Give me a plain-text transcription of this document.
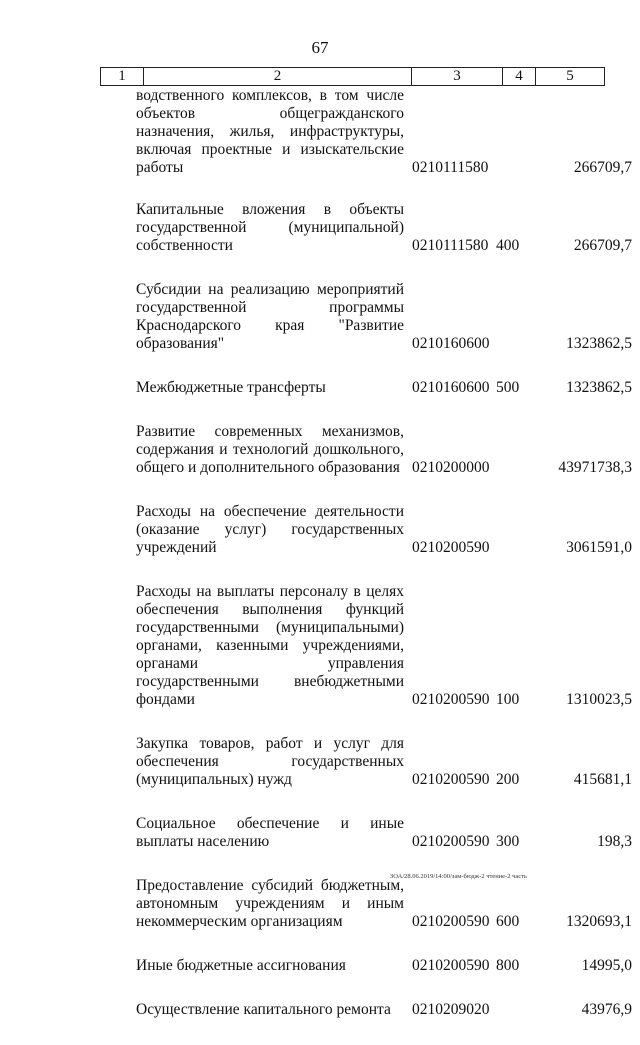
67
1	2	3	4	5
водственного комплексов, в том числе объектов общегражданского назначения, жилья, инфраструктуры, включая проектные и изыскательские работы	0210111580	266709,7
Капитальные вложения в объекты государственной (муниципальной) собственности	0210111580 400	266709,7
Субсидии на реализацию мероприятий государственной программы Краснодарского края "Развитие образования"	0210160600	1323862,5
Межбюджетные трансферты	0210160600 500	1323862,5
Развитие современных механизмов, содержания и технологий дошкольного, общего и дополнительного образования 0210200000	43971738,3
Расходы на обеспечение деятельности (оказание услуг) государственных учреждений	0210200590	3061591,0
Расходы на выплаты персоналу в целях обеспечения выполнения функций государственными (муниципальными) органами, казенными учреждениями, органами управления государственными внебюджетными фондами	0210200590 100	1310023,5
Закупка товаров, работ и услуг для обеспечения государственных (муниципальных) нужд	0210200590 200	415681,1
Социальное обеспечение и иные выплаты населению	0210200590 300	198,3
Предоставление субсидий бюджетным, автономным учреждениям и иным некоммерческим организациям	0210200590 600	1320693,1
Иные бюджетные ассигнования	0210200590 800	14995,0
Осуществление капитального ремонта	0210209020	43976,9
ЗОА/28.06.2019/14:00/зам-бюдж-2 чтение-2 часть
